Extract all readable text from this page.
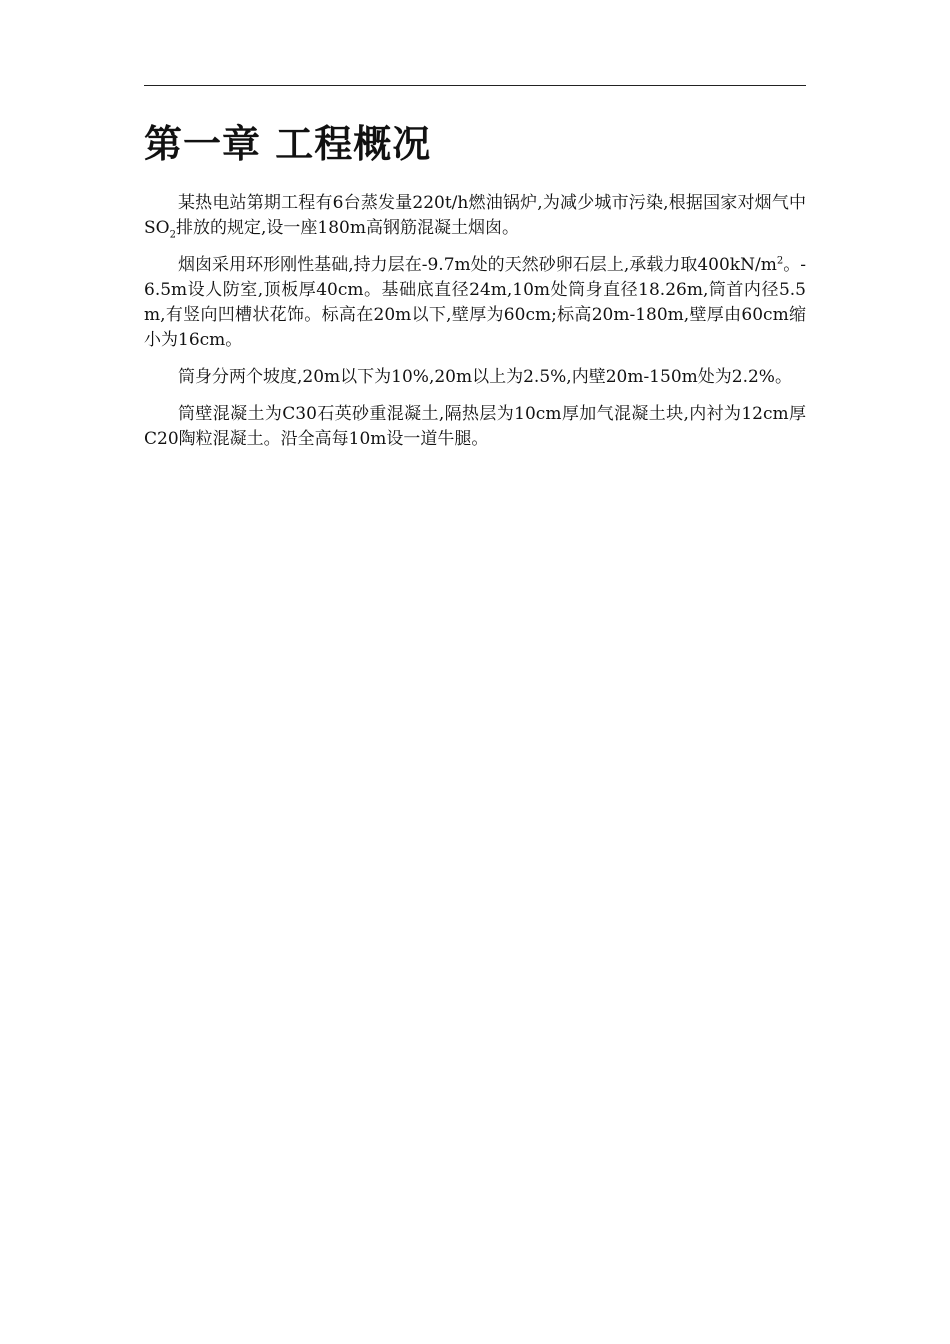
第一章 工程概况

某热电站第期工程有6台蒸发量220t/h燃油锅炉,为减少城市污染,根据国家对烟气中$SO_2$排放的规定,设一座180m高钢筋混凝土烟囱。

烟囱采用环形刚性基础,持力层在-9.7m处的天然砂卵石层上,承载力取$400kN/m^2$。-6.5m设人防室,顶板厚40cm。基础底直径24m,10m处筒身直径18.26m,筒首内径5.5m,有竖向凹槽状花饰。标高在20m以下,壁厚为60cm;标高20m-180m,壁厚由60cm缩小为16cm。

筒身分两个坡度,20m以下为10%,20m以上为2.5%,内壁20m-150m处为2.2%。

筒壁混凝土为C30石英砂重混凝土,隔热层为10cm厚加气混凝土块,内衬为12cm厚C20陶粒混凝土。沿全高每10m设一道牛腿。
